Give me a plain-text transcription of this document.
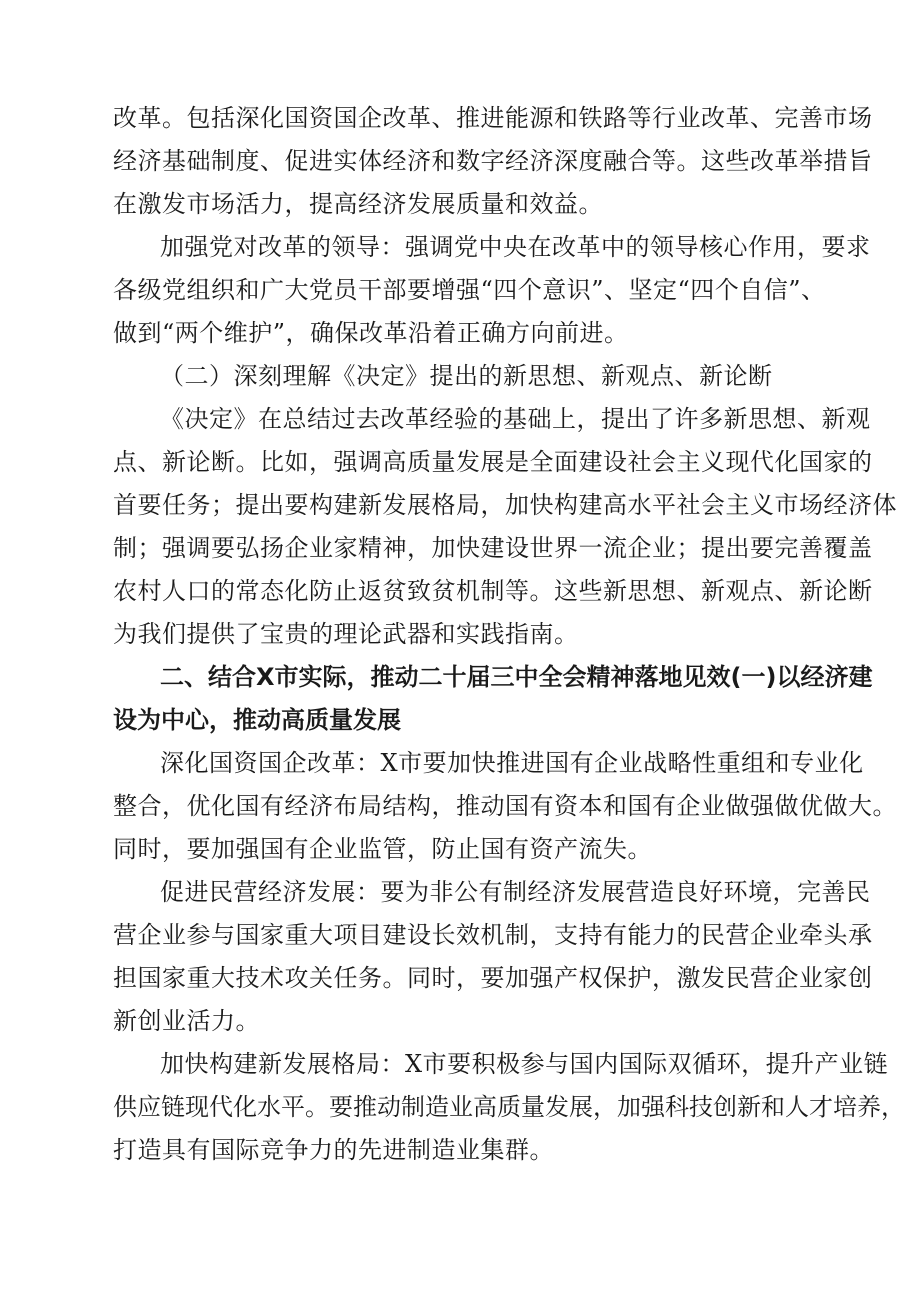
改革。包括深化国资国企改革、推进能源和铁路等行业改革、完善市场
经济基础制度、促进实体经济和数字经济深度融合等。这些改革举措旨
在激发市场活力，提高经济发展质量和效益。
加强党对改革的领导：强调党中央在改革中的领导核心作用，要求
各级党组织和广大党员干部要增强“四个意识”、坚定“四个自信”、
做到“两个维护”，确保改革沿着正确方向前进。
（二）深刻理解《决定》提出的新思想、新观点、新论断
《决定》在总结过去改革经验的基础上，提出了许多新思想、新观
点、新论断。比如，强调高质量发展是全面建设社会主义现代化国家的
首要任务；提出要构建新发展格局，加快构建高水平社会主义市场经济体
制；强调要弘扬企业家精神，加快建设世界一流企业；提出要完善覆盖
农村人口的常态化防止返贫致贫机制等。这些新思想、新观点、新论断
为我们提供了宝贵的理论武器和实践指南。
二、结合X市实际，推动二十届三中全会精神落地见效(一)以经济建
设为中心，推动高质量发展
深化国资国企改革：X市要加快推进国有企业战略性重组和专业化
整合，优化国有经济布局结构，推动国有资本和国有企业做强做优做大。
同时，要加强国有企业监管，防止国有资产流失。
促进民营经济发展：要为非公有制经济发展营造良好环境，完善民
营企业参与国家重大项目建设长效机制，支持有能力的民营企业牵头承
担国家重大技术攻关任务。同时，要加强产权保护，激发民营企业家创
新创业活力。
加快构建新发展格局：X市要积极参与国内国际双循环，提升产业链
供应链现代化水平。要推动制造业高质量发展，加强科技创新和人才培养，
打造具有国际竞争力的先进制造业集群。
